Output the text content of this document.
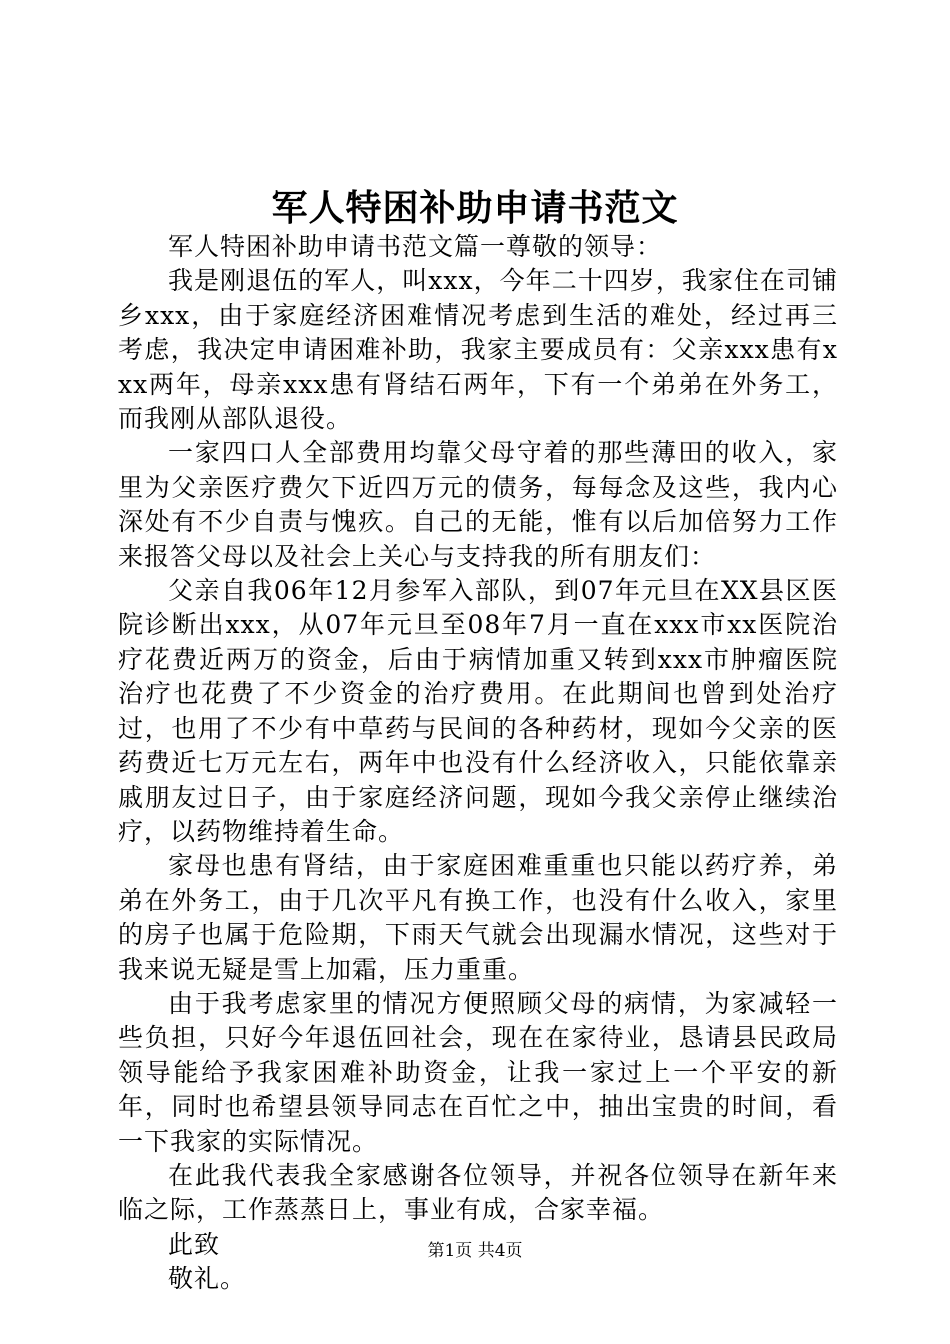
军人特困补助申请书范文

军人特困补助申请书范文篇一尊敬的领导：

我是刚退伍的军人，叫xxx，今年二十四岁，我家住在司铺乡xxx，由于家庭经济困难情况考虑到生活的难处，经过再三考虑，我决定申请困难补助，我家主要成员有：父亲xxx患有xxx两年，母亲xxx患有肾结石两年，下有一个弟弟在外务工，而我刚从部队退役。

一家四口人全部费用均靠父母守着的那些薄田的收入，家里为父亲医疗费欠下近四万元的债务，每每念及这些，我内心深处有不少自责与愧疚。自己的无能，惟有以后加倍努力工作来报答父母以及社会上关心与支持我的所有朋友们：

父亲自我06年12月参军入部队，到07年元旦在XX县区医院诊断出xxx，从07年元旦至08年7月一直在xxx市xx医院治疗花费近两万的资金，后由于病情加重又转到xxx市肿瘤医院治疗也花费了不少资金的治疗费用。在此期间也曾到处治疗过，也用了不少有中草药与民间的各种药材，现如今父亲的医药费近七万元左右，两年中也没有什么经济收入，只能依靠亲戚朋友过日子，由于家庭经济问题，现如今我父亲停止继续治疗，以药物维持着生命。

家母也患有肾结，由于家庭困难重重也只能以药疗养，弟弟在外务工，由于几次平凡有换工作，也没有什么收入，家里的房子也属于危险期，下雨天气就会出现漏水情况，这些对于我来说无疑是雪上加霜，压力重重。

由于我考虑家里的情况方便照顾父母的病情，为家减轻一些负担，只好今年退伍回社会，现在在家待业，恳请县民政局领导能给予我家困难补助资金，让我一家过上一个平安的新年，同时也希望县领导同志在百忙之中，抽出宝贵的时间，看一下我家的实际情况。

在此我代表我全家感谢各位领导，并祝各位领导在新年来临之际，工作蒸蒸日上，事业有成，合家幸福。

此致

敬礼。

第1页 共4页
